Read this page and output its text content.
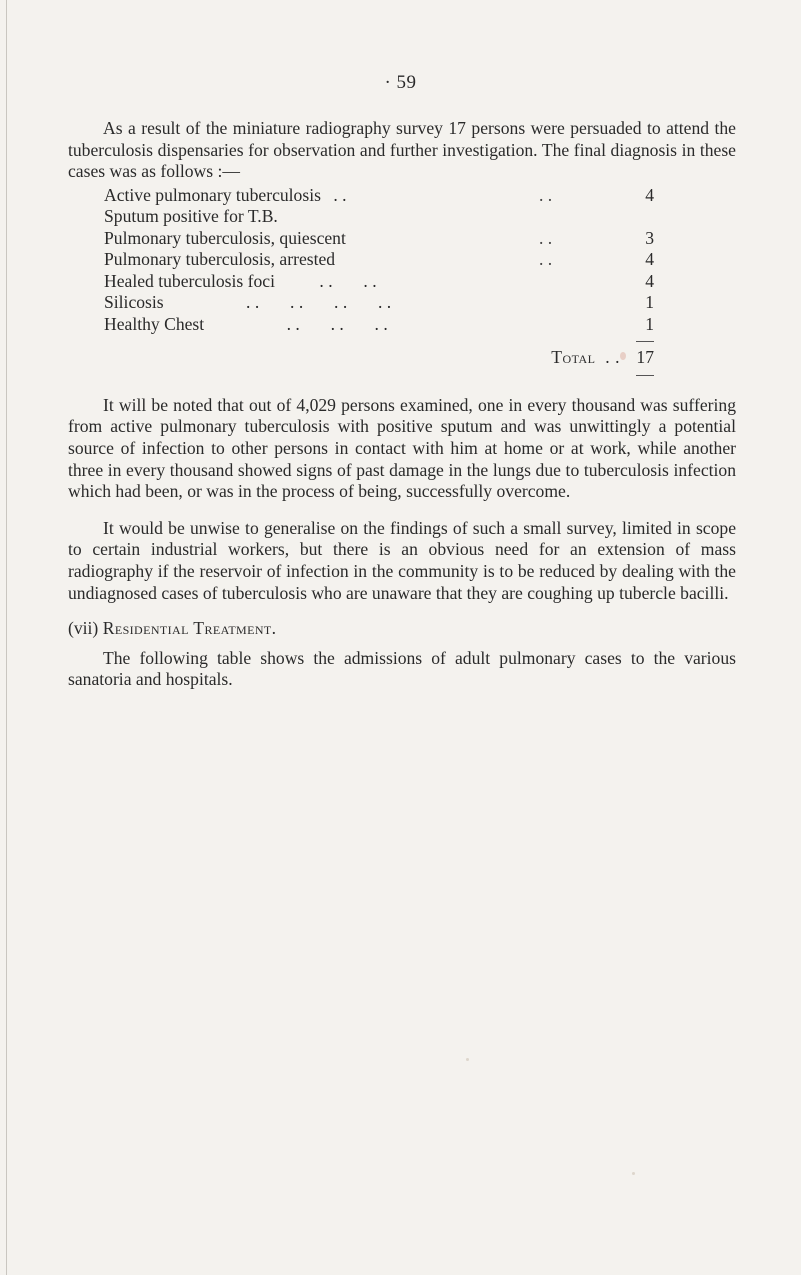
· 59

As a result of the miniature radiography survey 17 persons were persuaded to attend the tuberculosis dispensaries for observation and further investigation. The final diagnosis in these cases was as follows :—

Active pulmonary tuberculosis . .	. .	4
Sputum positive for T.B.		
Pulmonary tuberculosis, quiescent	. .	3
Pulmonary tuberculosis, arrested	. .	4
Healed tuberculosis foci . .       . .		4
Silicosis . .       . .       . .       . .		1
Healthy Chest . .       . .       . .		1

Total  . .		17

It will be noted that out of 4,029 persons examined, one in every thousand was suffering from active pulmonary tuberculosis with positive sputum and was unwittingly a potential source of infection to other persons in contact with him at home or at work, while another three in every thousand showed signs of past damage in the lungs due to tuberculosis infection which had been, or was in the process of being, successfully overcome.

It would be unwise to generalise on the findings of such a small survey, limited in scope to certain industrial workers, but there is an obvious need for an extension of mass radiography if the reservoir of infection in the community is to be reduced by dealing with the undiagnosed cases of tuberculosis who are unaware that they are coughing up tubercle bacilli.

(vii) Residential Treatment.

The following table shows the admissions of adult pulmonary cases to the various sanatoria and hospitals.
